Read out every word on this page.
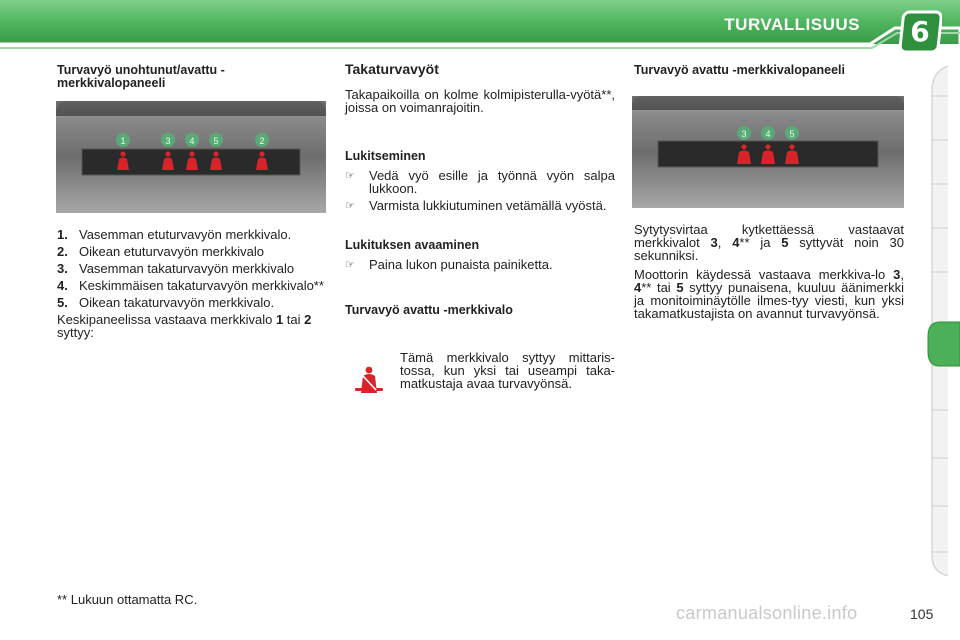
TURVALLISUUS 6
Turvavyö unohtunut/avattu -merkkivalopaneeli
1	3 4 5	2
1. Vasemman etuturvavyön merkkivalo.
2. Oikean etuturvavyön merkkivalo
3. Vasemman takaturvavyön merkkivalo
4. Keskimmäisen takaturvavyön merkkivalo**
5. Oikean takaturvavyön merkkivalo.

Keskipaneelissa vastaava merkkivalo 1 tai 2 syttyy:

Takaturvavyöt

Takapaikoilla on kolme kolmipisterulla-vyötä**, joissa on voimanrajoitin.

Lukitseminen
☞ Vedä vyö esille ja työnnä vyön salpa lukkoon.
☞ Varmista lukkiutuminen vetämällä vyöstä.
Lukituksen avaaminen
☞ Paina lukon punaista painiketta.
Turvavyö avattu -merkkivalo

Tämä merkkivalo syttyy mittaris-tossa, kun yksi tai useampi taka-matkustaja avaa turvavyönsä.

Turvavyö avattu -merkkivalopaneeli
3 4 5

Sytytysvirtaa kytkettäessä vastaavat merkkivalot 3, 4** ja 5 syttyvät noin 30 sekunniksi.

Moottorin käydessä vastaava merkkiva-lo 3, 4** tai 5 syttyy punaisena, kuuluu äänimerkki ja monitoiminäytölle ilmes-tyy viesti, kun yksi takamatkustajista on avannut turvavyönsä.

** Lukuun ottamatta RC.
carmanualsonline.info	105
